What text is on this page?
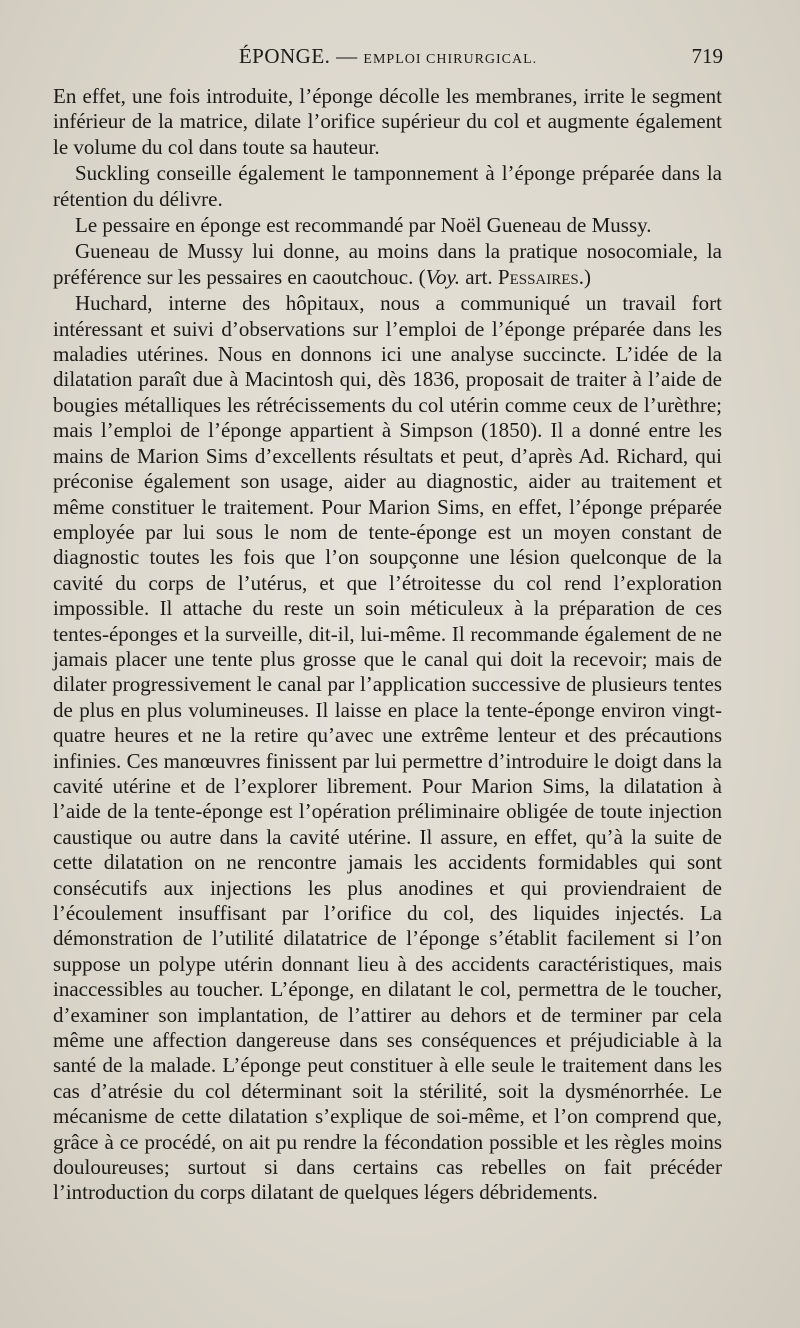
ÉPONGE. — EMPLOI CHIRURGICAL.	719

En effet, une fois introduite, l’éponge décolle les membranes, irrite le segment inférieur de la matrice, dilate l’orifice supérieur du col et augmente également le volume du col dans toute sa hauteur.

Suckling conseille également le tamponnement à l’éponge préparée dans la rétention du délivre.

Le pessaire en éponge est recommandé par Noël Gueneau de Mussy.

Gueneau de Mussy lui donne, au moins dans la pratique nosocomiale, la préférence sur les pessaires en caoutchouc. (Voy. art. Pessaires.)

Huchard, interne des hôpitaux, nous a communiqué un travail fort intéressant et suivi d’observations sur l’emploi de l’éponge préparée dans les maladies utérines. Nous en donnons ici une analyse succincte. L’idée de la dilatation paraît due à Macintosh qui, dès 1836, proposait de traiter à l’aide de bougies métalliques les rétrécissements du col utérin comme ceux de l’urèthre; mais l’emploi de l’éponge appartient à Simpson (1850). Il a donné entre les mains de Marion Sims d’excellents résultats et peut, d’après Ad. Richard, qui préconise également son usage, aider au diagnostic, aider au traitement et même constituer le traitement. Pour Marion Sims, en effet, l’éponge préparée employée par lui sous le nom de tente-éponge est un moyen constant de diagnostic toutes les fois que l’on soupçonne une lésion quelconque de la cavité du corps de l’utérus, et que l’étroitesse du col rend l’exploration impossible. Il attache du reste un soin méticuleux à la préparation de ces tentes-éponges et la surveille, dit-il, lui-même. Il recommande également de ne jamais placer une tente plus grosse que le canal qui doit la recevoir; mais de dilater progressivement le canal par l’application successive de plusieurs tentes de plus en plus volumineuses. Il laisse en place la tente-éponge environ vingt-quatre heures et ne la retire qu’avec une extrême lenteur et des précautions infinies. Ces manœuvres finissent par lui permettre d’introduire le doigt dans la cavité utérine et de l’explorer librement. Pour Marion Sims, la dilatation à l’aide de la tente-éponge est l’opération préliminaire obligée de toute injection caustique ou autre dans la cavité utérine. Il assure, en effet, qu’à la suite de cette dilatation on ne rencontre jamais les accidents formidables qui sont consécutifs aux injections les plus anodines et qui proviendraient de l’écoulement insuffisant par l’orifice du col, des liquides injectés. La démonstration de l’utilité dilatatrice de l’éponge s’établit facilement si l’on suppose un polype utérin donnant lieu à des accidents caractéristiques, mais inaccessibles au toucher. L’éponge, en dilatant le col, permettra de le toucher, d’examiner son implantation, de l’attirer au dehors et de terminer par cela même une affection dangereuse dans ses conséquences et préjudiciable à la santé de la malade. L’éponge peut constituer à elle seule le traitement dans les cas d’atrésie du col déterminant soit la stérilité, soit la dysménorrhée. Le mécanisme de cette dilatation s’explique de soi-même, et l’on comprend que, grâce à ce procédé, on ait pu rendre la fécondation possible et les règles moins douloureuses; surtout si dans certains cas rebelles on fait précéder l’introduction du corps dilatant de quelques légers débridements.
